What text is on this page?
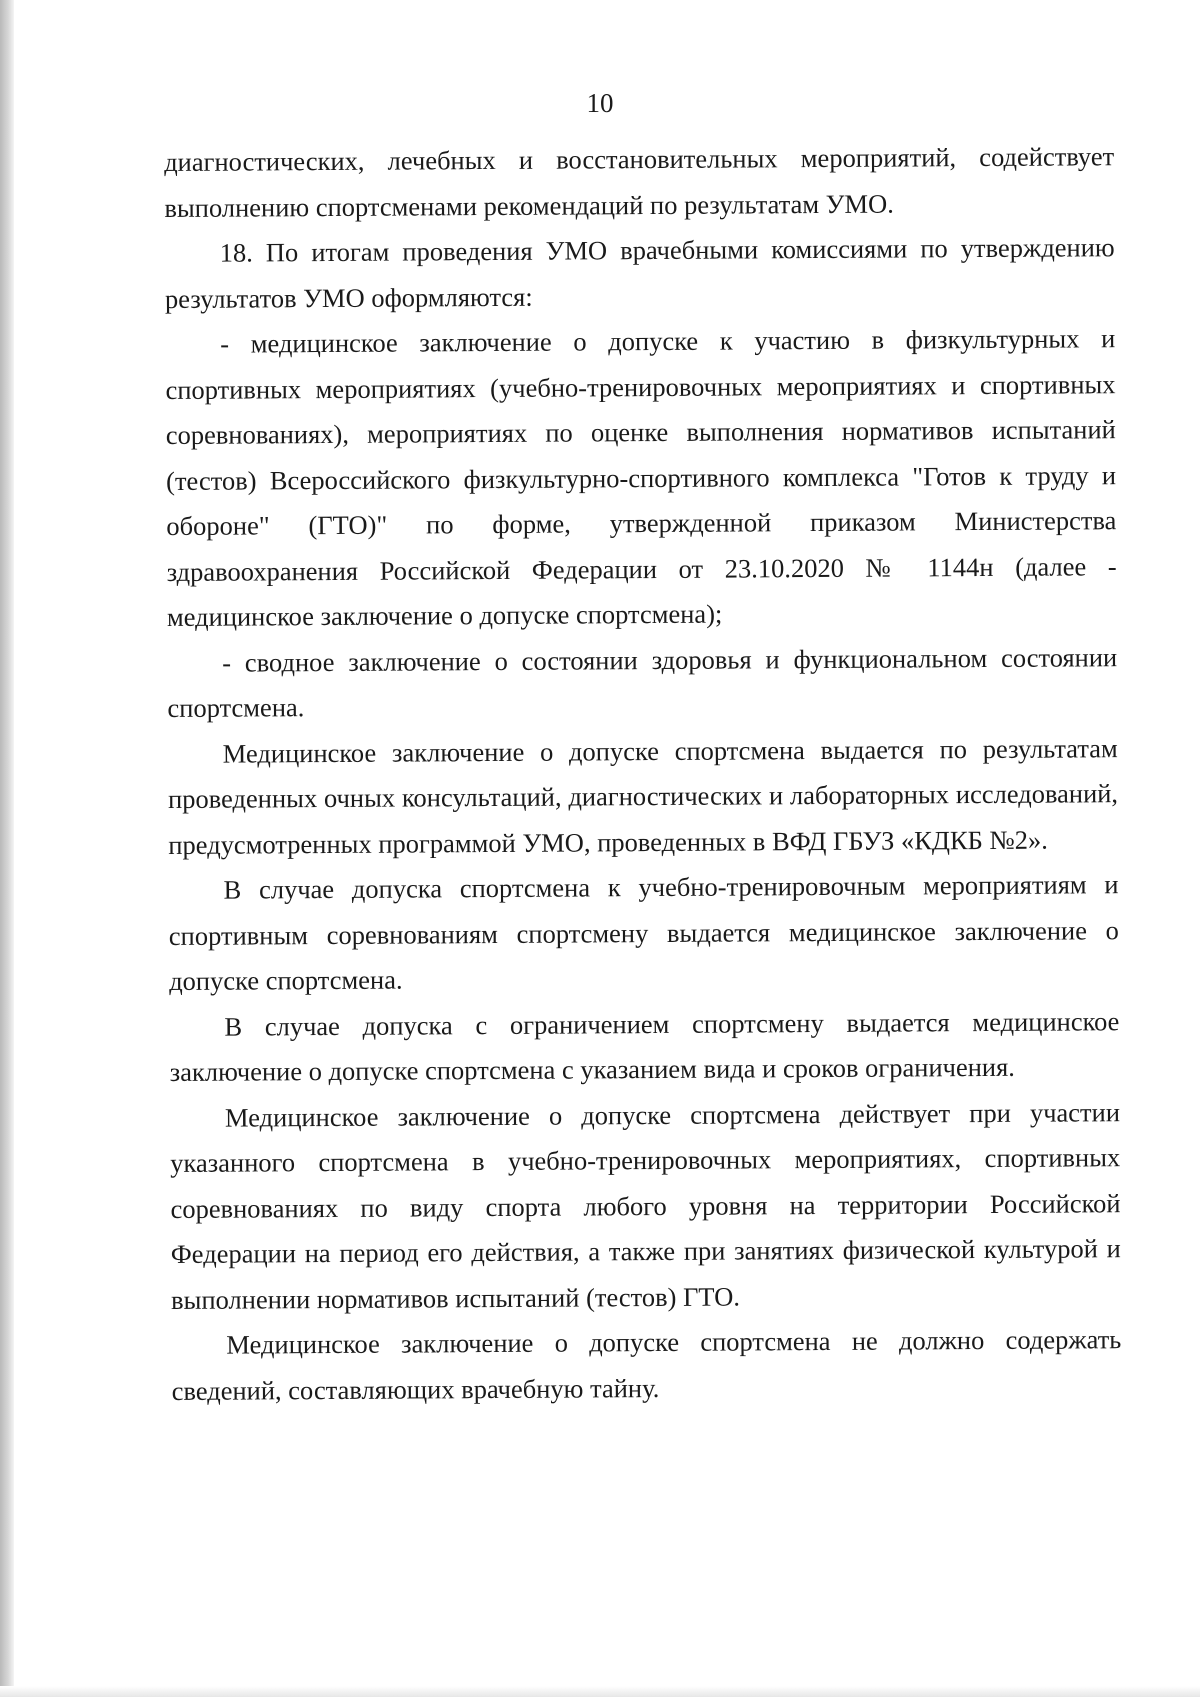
10

диагностических, лечебных и восстановительных мероприятий, содействует выполнению спортсменами рекомендаций по результатам УМО.

18. По итогам проведения УМО врачебными комиссиями по утверждению результатов УМО оформляются:

- медицинское заключение о допуске к участию в физкультурных и спортивных мероприятиях (учебно-тренировочных мероприятиях и спортивных соревнованиях), мероприятиях по оценке выполнения нормативов испытаний (тестов) Всероссийского физкультурно-спортивного комплекса "Готов к труду и обороне" (ГТО)" по форме, утвержденной приказом Министерства здравоохранения Российской Федерации от 23.10.2020 № 1144н (далее - медицинское заключение о допуске спортсмена);

- сводное заключение о состоянии здоровья и функциональном состоянии спортсмена.

Медицинское заключение о допуске спортсмена выдается по результатам проведенных очных консультаций, диагностических и лабораторных исследований, предусмотренных программой УМО, проведенных в ВФД ГБУЗ «КДКБ №2».

В случае допуска спортсмена к учебно-тренировочным мероприятиям и спортивным соревнованиям спортсмену выдается медицинское заключение о допуске спортсмена.

В случае допуска с ограничением спортсмену выдается медицинское заключение о допуске спортсмена с указанием вида и сроков ограничения.

Медицинское заключение о допуске спортсмена действует при участии указанного спортсмена в учебно-тренировочных мероприятиях, спортивных соревнованиях по виду спорта любого уровня на территории Российской Федерации на период его действия, а также при занятиях физической культурой и выполнении нормативов испытаний (тестов) ГТО.

Медицинское заключение о допуске спортсмена не должно содержать сведений, составляющих врачебную тайну.
